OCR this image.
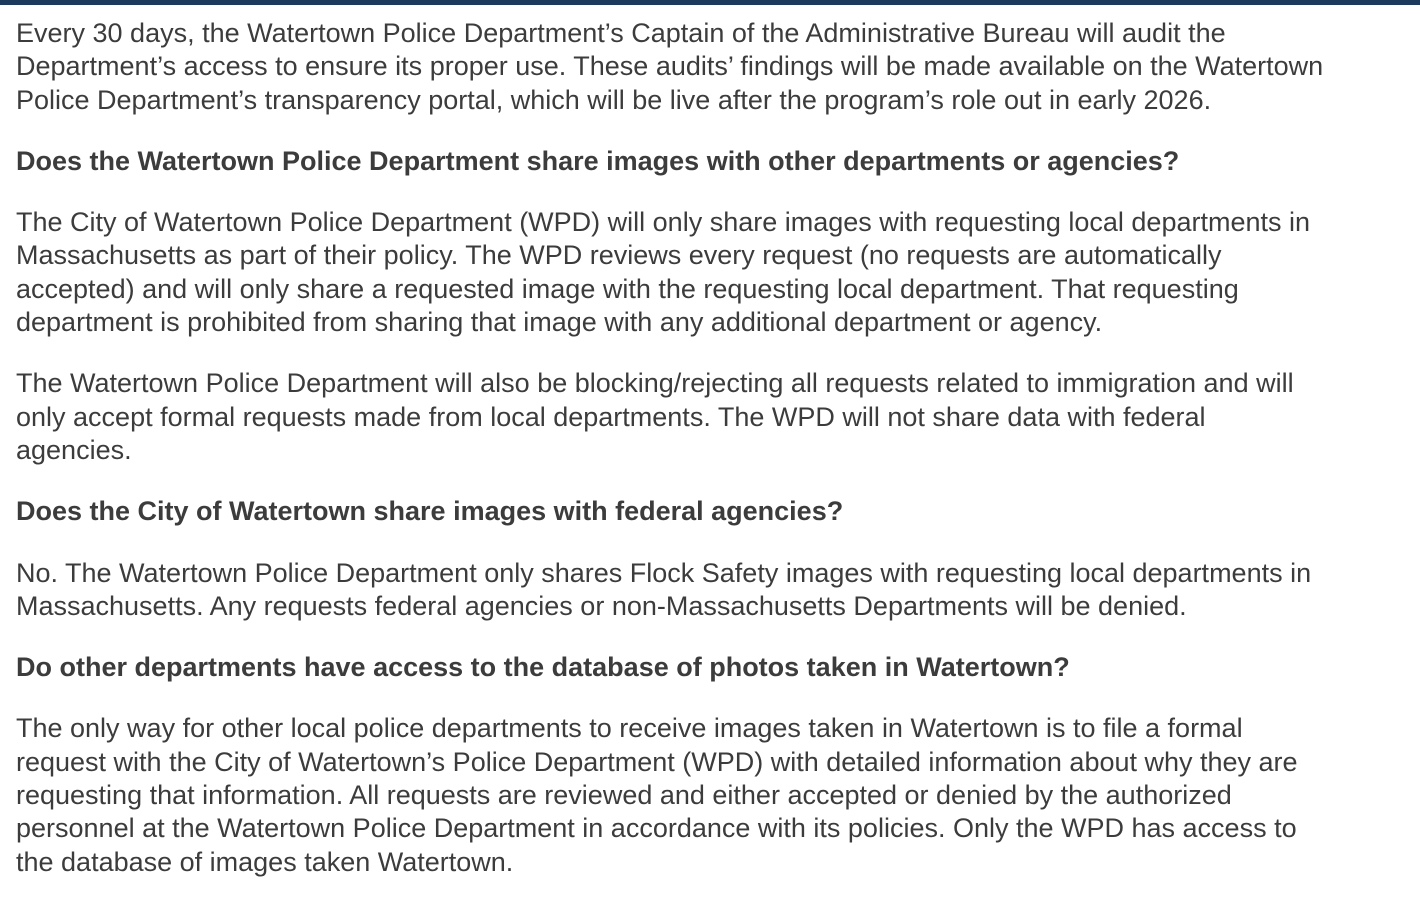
Every 30 days, the Watertown Police Department’s Captain of the Administrative Bureau will audit the
Department’s access to ensure its proper use. These audits’ findings will be made available on the Watertown
Police Department’s transparency portal, which will be live after the program’s role out in early 2026.

Does the Watertown Police Department share images with other departments or agencies?

The City of Watertown Police Department (WPD) will only share images with requesting local departments in
Massachusetts as part of their policy. The WPD reviews every request (no requests are automatically
accepted) and will only share a requested image with the requesting local department. That requesting
department is prohibited from sharing that image with any additional department or agency.

The Watertown Police Department will also be blocking/rejecting all requests related to immigration and will
only accept formal requests made from local departments. The WPD will not share data with federal
agencies.

Does the City of Watertown share images with federal agencies?

No. The Watertown Police Department only shares Flock Safety images with requesting local departments in
Massachusetts. Any requests federal agencies or non-Massachusetts Departments will be denied.

Do other departments have access to the database of photos taken in Watertown?

The only way for other local police departments to receive images taken in Watertown is to file a formal
request with the City of Watertown’s Police Department (WPD) with detailed information about why they are
requesting that information. All requests are reviewed and either accepted or denied by the authorized
personnel at the Watertown Police Department in accordance with its policies. Only the WPD has access to
the database of images taken Watertown.
